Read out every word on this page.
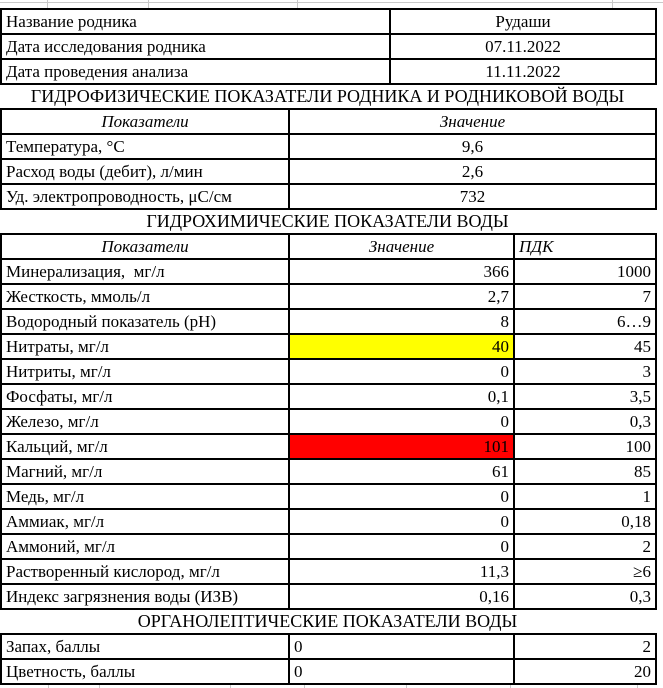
Название родника	Рудаши
Дата исследования родника	07.11.2022
Дата проведения анализа	11.11.2022
ГИДРОФИЗИЧЕСКИЕ ПОКАЗАТЕЛИ РОДНИКА И РОДНИКОВОЙ ВОДЫ
Показатели	Значение
Температура, °С	9,6
Расход воды (дебит), л/мин	2,6
Уд. электропроводность, μС/см	732
ГИДРОХИМИЧЕСКИЕ ПОКАЗАТЕЛИ ВОДЫ
Показатели	Значение	ПДК
Минерализация,  мг/л	366	1000
Жесткость, ммоль/л	2,7	7
Водородный показатель (рН)	8	6…9
Нитраты, мг/л	40	45
Нитриты, мг/л	0	3
Фосфаты, мг/л	0,1	3,5
Железо, мг/л	0	0,3
Кальций, мг/л	101	100
Магний, мг/л	61	85
Медь, мг/л	0	1
Аммиак, мг/л	0	0,18
Аммоний, мг/л	0	2
Растворенный кислород, мг/л	11,3	≥6
Индекс загрязнения воды (ИЗВ)	0,16	0,3
ОРГАНОЛЕПТИЧЕСКИЕ ПОКАЗАТЕЛИ ВОДЫ
Запах, баллы	0	2
Цветность, баллы	0	20
